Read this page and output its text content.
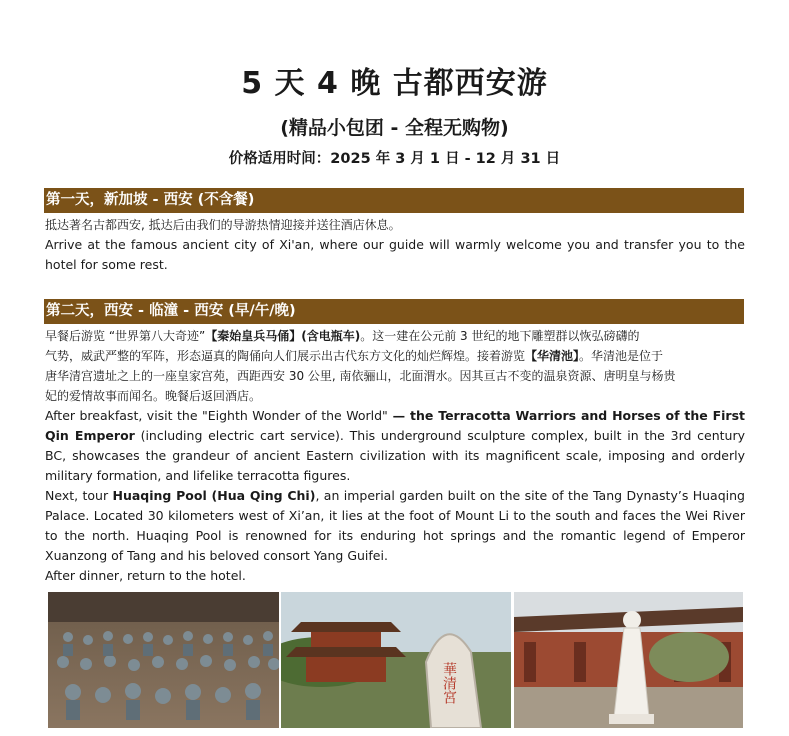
5 天 4 晚 古都西安游
(精品小包团 - 全程无购物)
价格适用时间：2025 年 3 月 1 日 - 12 月 31 日
第一天，新加坡 - 西安 (不含餐)
抵达著名古都西安, 抵达后由我们的导游热情迎接并送往酒店休息。
Arrive at the famous ancient city of Xi'an, where our guide will warmly welcome you and transfer you to the hotel for some rest.
第二天，西安 - 临潼 - 西安 (早/午/晚)
早餐后游览 “世界第八大奇迹”【秦始皇兵马俑】(含电瓶车)。这一建在公元前 3 世纪的地下雕塑群以恢弘磅礴的
气势，威武严整的军阵，形态逼真的陶俑向人们展示出古代东方文化的灿烂辉煌。接着游览【华清池】。华清池是位于
唐华清宫遗址之上的一座皇家宫苑，西距西安 30 公里, 南依骊山，北面渭水。因其亘古不变的温泉资源、唐明皇与杨贵
妃的爱情故事而闻名。晚餐后返回酒店。
After breakfast, visit the "Eighth Wonder of the World" — the Terracotta Warriors and Horses of the First Qin Emperor (including electric cart service). This underground sculpture complex, built in the 3rd century BC, showcases the grandeur of ancient Eastern civilization with its magnificent scale, imposing and orderly military formation, and lifelike terracotta figures.
Next, tour Huaqing Pool (Hua Qing Chi), an imperial garden built on the site of the Tang Dynasty’s Huaqing Palace. Located 30 kilometers west of Xi’an, it lies at the foot of Mount Li to the south and faces the Wei River to the north. Huaqing Pool is renowned for its enduring hot springs and the romantic legend of Emperor Xuanzong of Tang and his beloved consort Yang Guifei.
After dinner, return to the hotel.
華清宮
